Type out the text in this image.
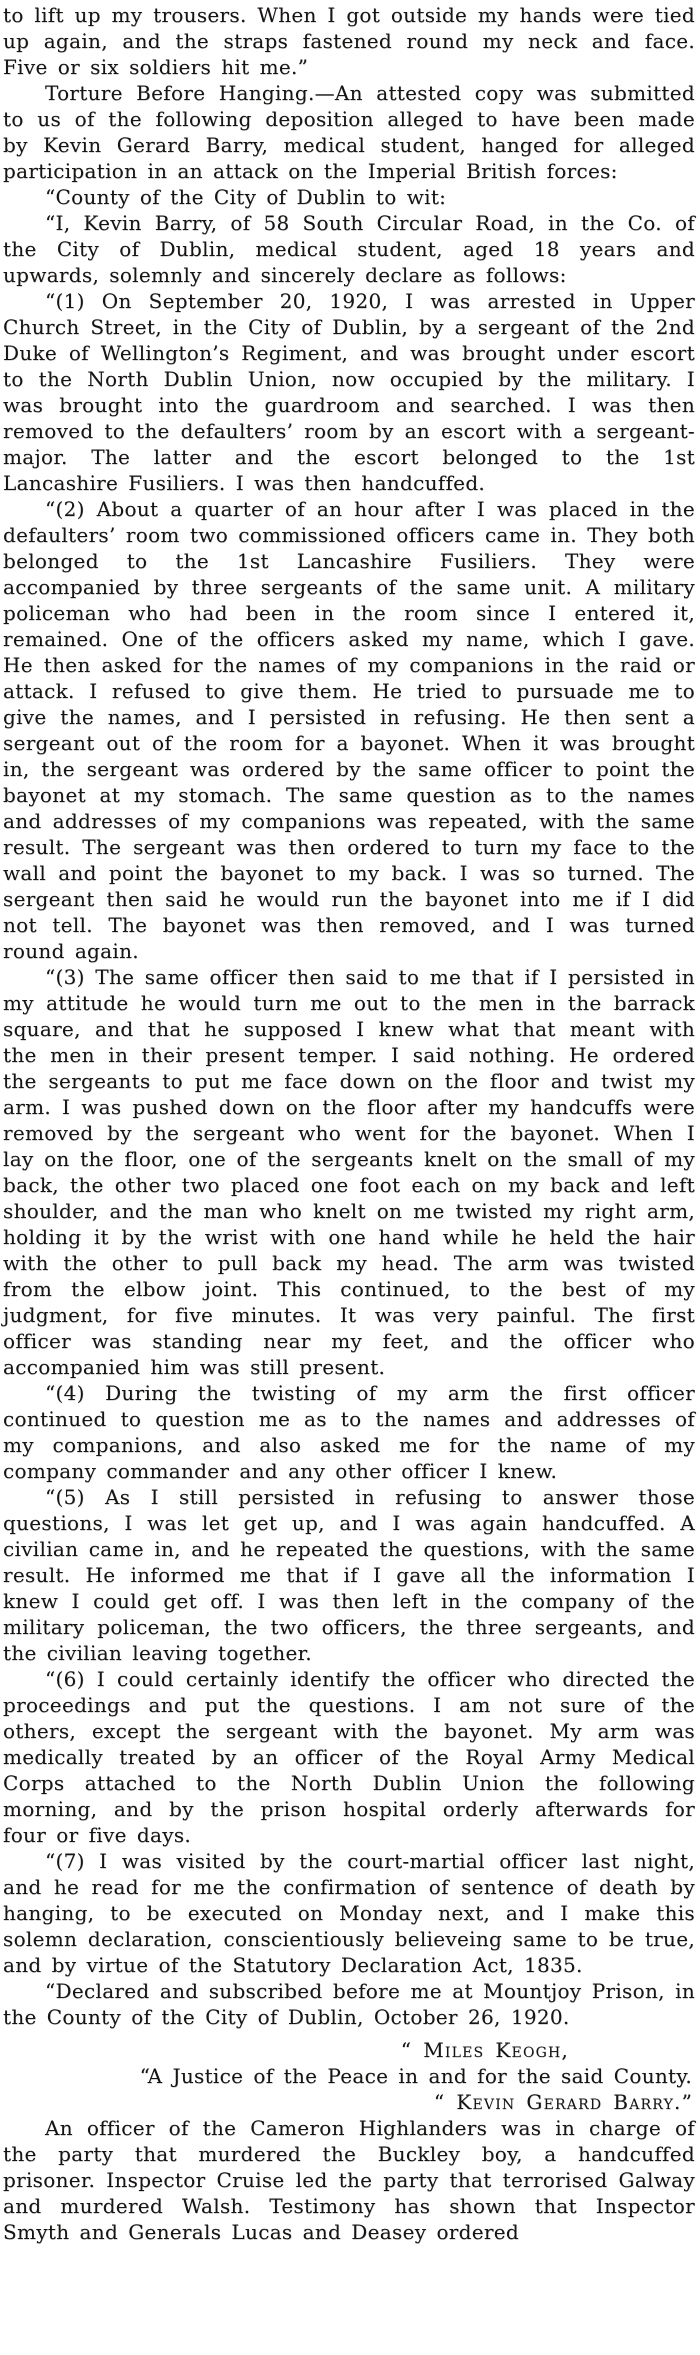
to lift up my trousers. When I got outside my hands were tied up again, and the straps fastened round my neck and face. Five or six soldiers hit me.”

Torture Before Hanging.—An attested copy was submitted to us of the following deposition alleged to have been made by Kevin Gerard Barry, medical student, hanged for alleged participation in an attack on the Imperial British forces:

“County of the City of Dublin to wit:

“I, Kevin Barry, of 58 South Circular Road, in the Co. of the City of Dublin, medical student, aged 18 years and upwards, solemnly and sincerely declare as follows:

“(1) On September 20, 1920, I was arrested in Upper Church Street, in the City of Dublin, by a sergeant of the 2nd Duke of Wellington’s Regiment, and was brought under escort to the North Dublin Union, now occupied by the military. I was brought into the guardroom and searched. I was then removed to the defaulters’ room by an escort with a sergeant-major. The latter and the escort belonged to the 1st Lancashire Fusiliers. I was then handcuffed.

“(2) About a quarter of an hour after I was placed in the defaulters’ room two commissioned officers came in. They both belonged to the 1st Lancashire Fusiliers. They were accompanied by three sergeants of the same unit. A military policeman who had been in the room since I entered it, remained. One of the officers asked my name, which I gave. He then asked for the names of my companions in the raid or attack. I refused to give them. He tried to pursuade me to give the names, and I persisted in refusing. He then sent a sergeant out of the room for a bayonet. When it was brought in, the sergeant was ordered by the same officer to point the bayonet at my stomach. The same question as to the names and addresses of my companions was repeated, with the same result. The sergeant was then ordered to turn my face to the wall and point the bayonet to my back. I was so turned. The sergeant then said he would run the bayonet into me if I did not tell. The bayonet was then removed, and I was turned round again.

“(3) The same officer then said to me that if I persisted in my attitude he would turn me out to the men in the barrack square, and that he supposed I knew what that meant with the men in their present temper. I said nothing. He ordered the sergeants to put me face down on the floor and twist my arm. I was pushed down on the floor after my handcuffs were removed by the sergeant who went for the bayonet. When I lay on the floor, one of the sergeants knelt on the small of my back, the other two placed one foot each on my back and left shoulder, and the man who knelt on me twisted my right arm, holding it by the wrist with one hand while he held the hair with the other to pull back my head. The arm was twisted from the elbow joint. This continued, to the best of my judgment, for five minutes. It was very painful. The first officer was standing near my feet, and the officer who accompanied him was still present.

“(4) During the twisting of my arm the first officer continued to question me as to the names and addresses of my companions, and also asked me for the name of my company commander and any other officer I knew.

“(5) As I still persisted in refusing to answer those questions, I was let get up, and I was again handcuffed. A civilian came in, and he repeated the questions, with the same result. He informed me that if I gave all the information I knew I could get off. I was then left in the company of the military policeman, the two officers, the three sergeants, and the civilian leaving together.

“(6) I could certainly identify the officer who directed the proceedings and put the questions. I am not sure of the others, except the sergeant with the bayonet. My arm was medically treated by an officer of the Royal Army Medical Corps attached to the North Dublin Union the following morning, and by the prison hospital orderly afterwards for four or five days.

“(7) I was visited by the court-martial officer last night, and he read for me the confirmation of sentence of death by hanging, to be executed on Monday next, and I make this solemn declaration, conscientiously believeing same to be true, and by virtue of the Statutory Declaration Act, 1835.

“Declared and subscribed before me at Mountjoy Prison, in the County of the City of Dublin, October 26, 1920.

“ Miles Keogh,
“A Justice of the Peace in and for the said County.
“ Kevin Gerard Barry.”

An officer of the Cameron Highlanders was in charge of the party that murdered the Buckley boy, a handcuffed prisoner. Inspector Cruise led the party that terrorised Galway and murdered Walsh. Testimony has shown that Inspector Smyth and Generals Lucas and Deasey ordered
